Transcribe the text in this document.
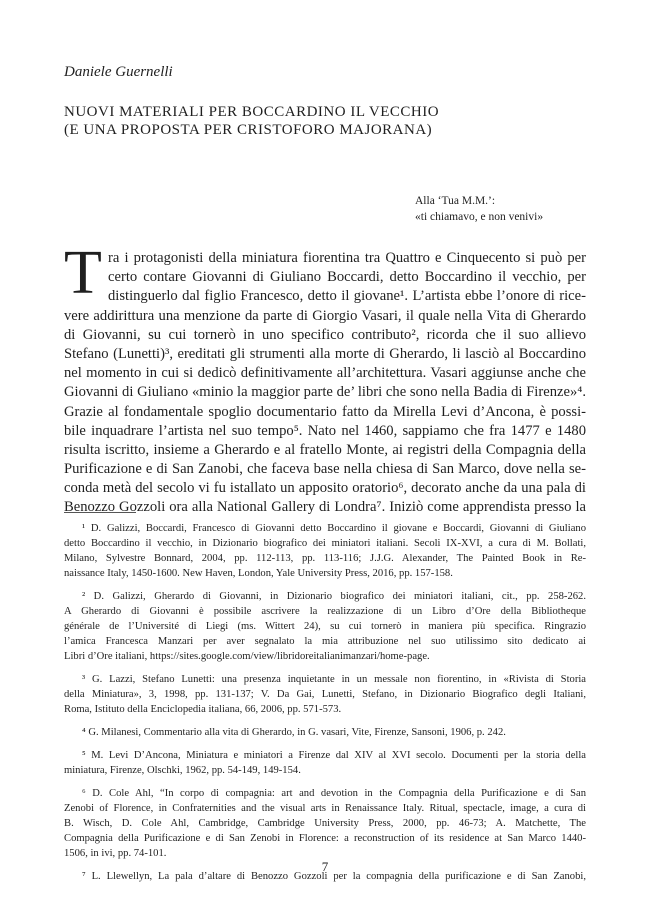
Daniele Guernelli
NUOVI MATERIALI PER BOCCARDINO IL VECCHIO
(E UNA PROPOSTA PER CRISTOFORO MAJORANA)
Alla ‘Tua M.M.’:
«ti chiamavo, e non venivi»
T ra i protagonisti della miniatura fiorentina tra Quattro e Cinquecento si può per
certo contare Giovanni di Giuliano Boccardi, detto Boccardino il vecchio, per
distinguerlo dal figlio Francesco, detto il giovane¹. L’artista ebbe l’onore di rice-
vere addirittura una menzione da parte di Giorgio Vasari, il quale nella Vita di Gherardo
di Giovanni, su cui tornerò in uno specifico contributo², ricorda che il suo allievo
Stefano (Lunetti)³, ereditati gli strumenti alla morte di Gherardo, li lasciò al Boccardino
nel momento in cui si dedicò definitivamente all’architettura. Vasari aggiunse anche che
Giovanni di Giuliano «minio la maggior parte de’ libri che sono nella Badia di Firenze»⁴.
Grazie al fondamentale spoglio documentario fatto da Mirella Levi d’Ancona, è possi-
bile inquadrare l’artista nel suo tempo⁵. Nato nel 1460, sappiamo che fra 1477 e 1480
risulta iscritto, insieme a Gherardo e al fratello Monte, ai registri della Compagnia della
Purificazione e di San Zanobi, che faceva base nella chiesa di San Marco, dove nella se-
conda metà del secolo vi fu istallato un apposito oratorio⁶, decorato anche da una pala di
Benozzo Gozzoli ora alla National Gallery di Londra⁷. Iniziò come apprendista presso la
¹ D. Galizzi, Boccardi, Francesco di Giovanni detto Boccardino il giovane e Boccardi, Giovanni di Giuliano
detto Boccardino il vecchio, in Dizionario biografico dei miniatori italiani. Secoli IX-XVI, a cura di M. Bollati,
Milano, Sylvestre Bonnard, 2004, pp. 112-113, pp. 113-116; J.J.G. Alexander, The Painted Book in Re-
naissance Italy, 1450-1600. New Haven, London, Yale University Press, 2016, pp. 157-158.
² D. Galizzi, Gherardo di Giovanni, in Dizionario biografico dei miniatori italiani, cit., pp. 258-262.
A Gherardo di Giovanni è possibile ascrivere la realizzazione di un Libro d’Ore della Bibliotheque
générale de l’Université di Liegi (ms. Wittert 24), su cui tornerò in maniera più specifica. Ringrazio
l’amica Francesca Manzari per aver segnalato la mia attribuzione nel suo utilissimo sito dedicato ai
Libri d’Ore italiani, https://sites.google.com/view/libridoreitalianimanzari/home-page.
³ G. Lazzi, Stefano Lunetti: una presenza inquietante in un messale non fiorentino, in «Rivista di Storia
della Miniatura», 3, 1998, pp. 131-137; V. Da Gai, Lunetti, Stefano, in Dizionario Biografico degli Italiani,
Roma, Istituto della Enciclopedia italiana, 66, 2006, pp. 571-573.
⁴ G. Milanesi, Commentario alla vita di Gherardo, in G. vasari, Vite, Firenze, Sansoni, 1906, p. 242.
⁵ M. Levi D’Ancona, Miniatura e miniatori a Firenze dal XIV al XVI secolo. Documenti per la storia della
miniatura, Firenze, Olschki, 1962, pp. 54-149, 149-154.
⁶ D. Cole Ahl, “In corpo di compagnia: art and devotion in the Compagnia della Purificazione e di San
Zenobi of Florence, in Confraternities and the visual arts in Renaissance Italy. Ritual, spectacle, image, a cura di
B. Wisch, D. Cole Ahl, Cambridge, Cambridge University Press, 2000, pp. 46-73; A. Matchette, The
Compagnia della Purificazione e di San Zenobi in Florence: a reconstruction of its residence at San Marco 1440-
1506, in ivi, pp. 74-101.
⁷ L. Llewellyn, La pala d’altare di Benozzo Gozzoli per la compagnia della purificazione e di San Zanobi,
7
